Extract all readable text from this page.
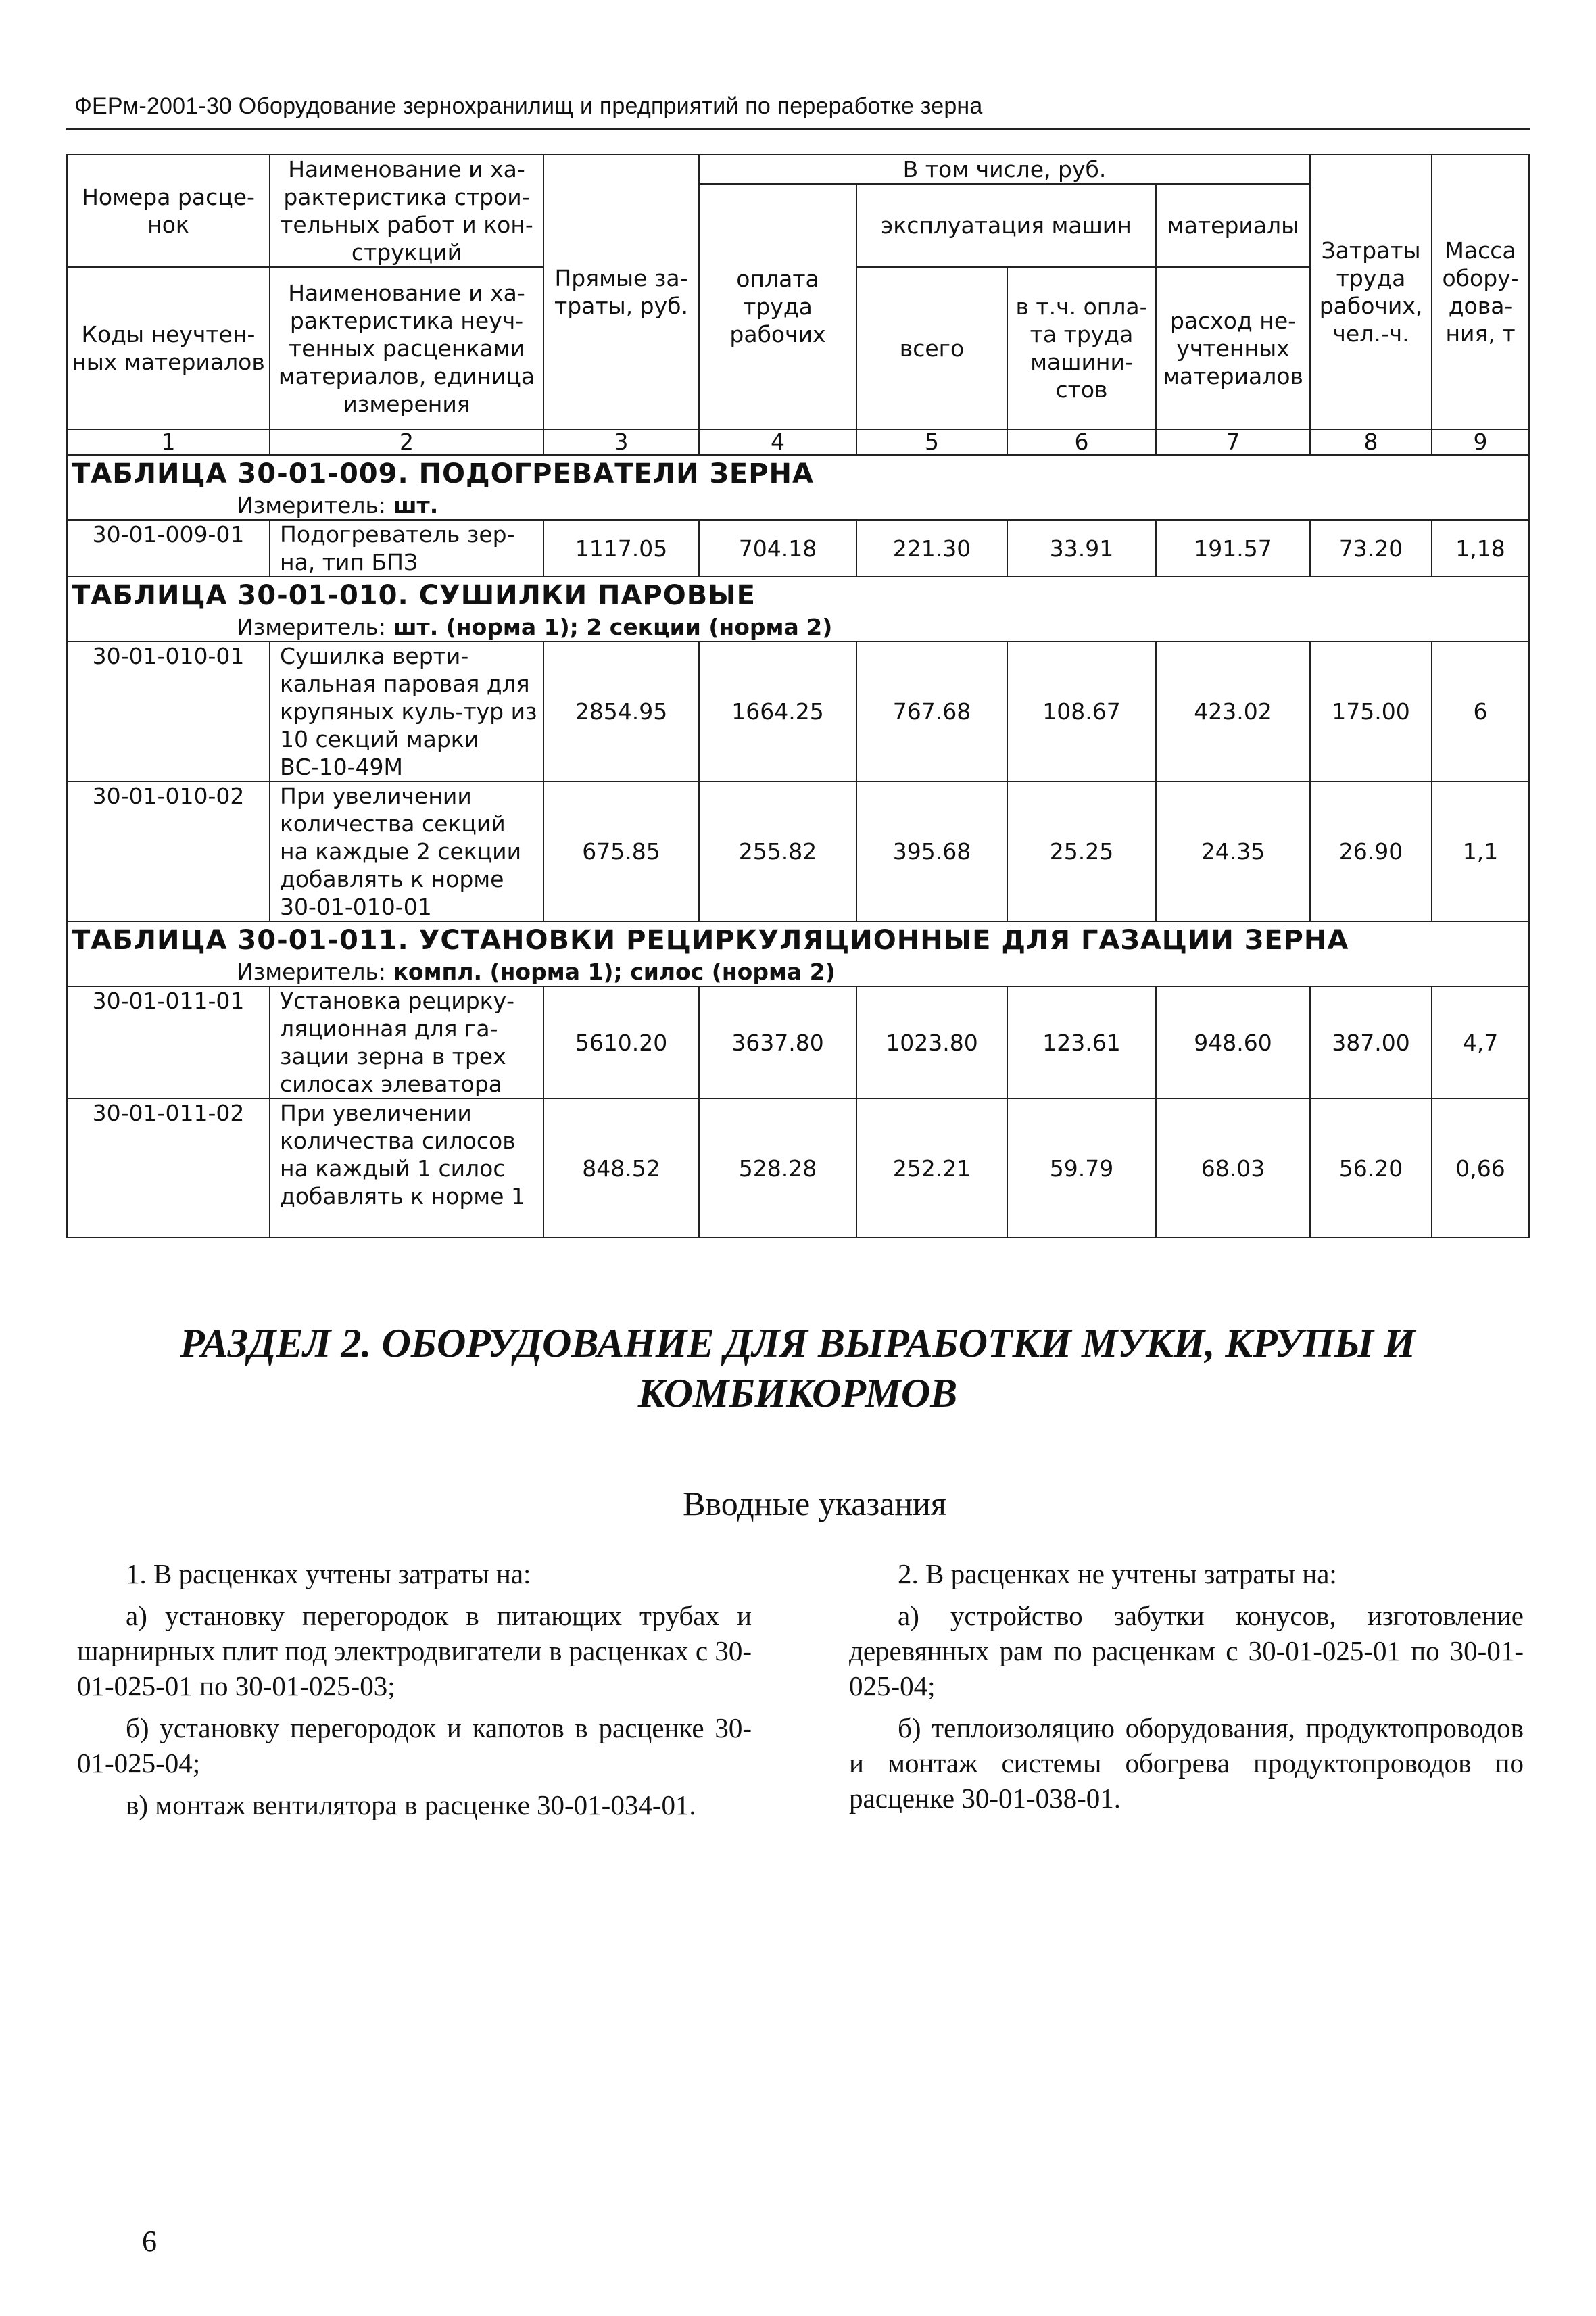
ФЕРм-2001-30 Оборудование зернохранилищ и предприятий по переработке зерна
Номера расце-нок	Наименование и ха-рактеристика строи-тельных работ и кон-струкций	Прямые за-траты, руб.	В том числе, руб.				Затраты труда рабочих, чел.-ч.	Масса обору-дова-ния, т
			оплата труда рабочих	эксплуатация машин		материалы		
Коды неучтен-ных материалов	Наименование и ха-рактеристика неуч-тенных расценками материалов, единица измерения			всего	в т.ч. опла-та труда машини-стов	расход не-учтенных материалов		

1	2	3	4	5	6	7	8	9

ТАБЛИЦА 30-01-009. ПОДОГРЕВАТЕЛИ ЗЕРНА
Измеритель: шт.								

30-01-009-01	Подогреватель зер-на, тип БПЗ	1117.05	704.18	221.30	33.91	191.57	73.20	1,18

ТАБЛИЦА 30-01-010. СУШИЛКИ ПАРОВЫЕ
Измеритель: шт. (норма 1); 2 секции (норма 2)								

30-01-010-01	Сушилка верти-кальная паровая для крупяных куль-тур из 10 секций марки ВС-10-49М	2854.95	1664.25	767.68	108.67	423.02	175.00	6
30-01-010-02	При увеличении количества секций на каждые 2 секции добавлять к норме 30-01-010-01	675.85	255.82	395.68	25.25	24.35	26.90	1,1

ТАБЛИЦА 30-01-011. УСТАНОВКИ РЕЦИРКУЛЯЦИОННЫЕ ДЛЯ ГАЗАЦИИ ЗЕРНА
Измеритель: компл. (норма 1); силос (норма 2)								

30-01-011-01	Установка рецирку-ляционная для га-зации зерна в трех силосах элеватора	5610.20	3637.80	1023.80	123.61	948.60	387.00	4,7
30-01-011-02	При увеличении количества силосов на каждый 1 силос добавлять к норме 1	848.52	528.28	252.21	59.79	68.03	56.20	0,66
РАЗДЕЛ 2. ОБОРУДОВАНИЕ ДЛЯ ВЫРАБОТКИ МУКИ, КРУПЫ И
КОМБИКОРМОВ
Вводные указания

1. В расценках учтены затраты на:

а) установку перегородок в питающих трубах и шарнирных плит под электродвигатели в расценках с 30-01-025-01 по 30-01-025-03;

б) установку перегородок и капотов в расценке 30-01-025-04;

в) монтаж вентилятора в расценке 30-01-034-01.

2. В расценках не учтены затраты на:

а) устройство забутки конусов, изготовление деревянных рам по расценкам с 30-01-025-01 по 30-01-025-04;

б) теплоизоляцию оборудования, продуктопроводов и монтаж системы обогрева продуктопроводов по расценке 30-01-038-01.

6
